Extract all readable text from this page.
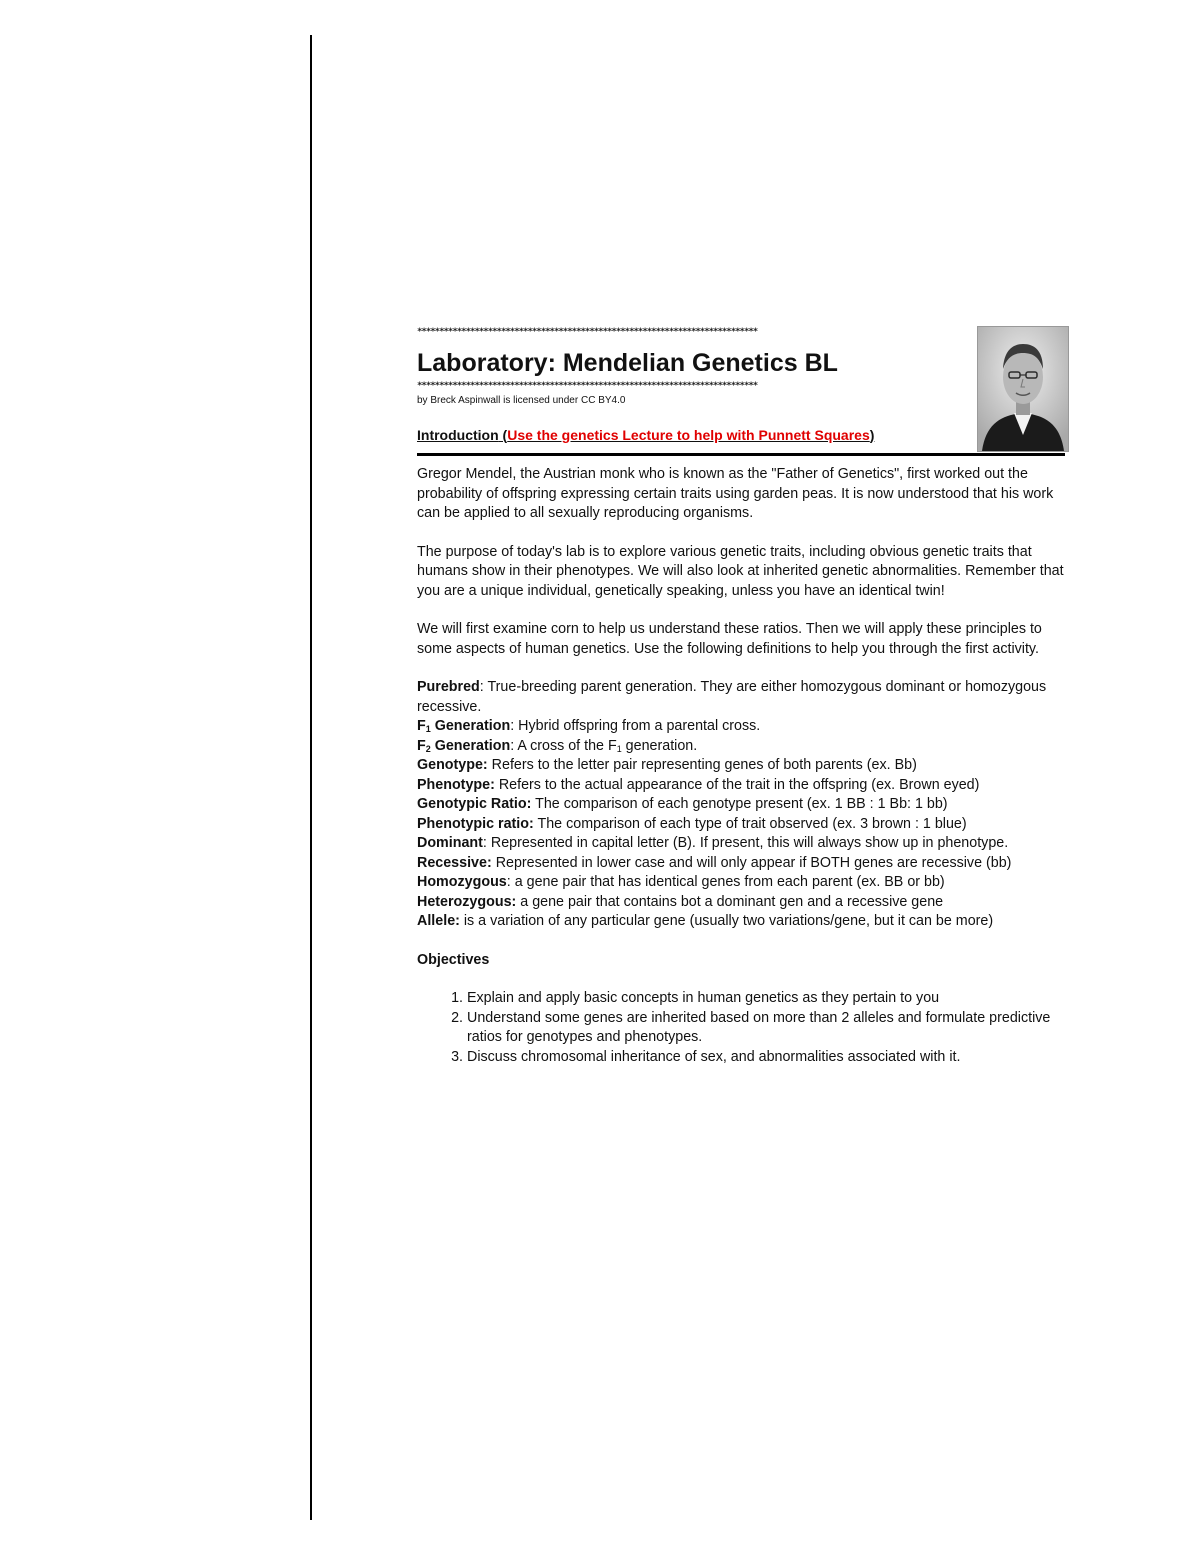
*****************************************************************************
Laboratory: Mendelian Genetics BL
*****************************************************************************
by Breck Aspinwall is licensed under CC BY4.0
Introduction (Use the genetics Lecture to help with Punnett Squares)

Gregor Mendel, the Austrian monk who is known as the "Father of Genetics", first worked out the probability of offspring expressing certain traits using garden peas. It is now understood that his work can be applied to all sexually reproducing organisms.

The purpose of today's lab is to explore various genetic traits, including obvious genetic traits that humans show in their phenotypes. We will also look at inherited genetic abnormalities. Remember that you are a unique individual, genetically speaking, unless you have an identical twin!

We will first examine corn to help us understand these ratios. Then we will apply these principles to some aspects of human genetics. Use the following definitions to help you through the first activity.

Purebred: True-breeding parent generation. They are either homozygous dominant or homozygous recessive.
$F_1$ Generation: Hybrid offspring from a parental cross.
$F_2$ Generation: A cross of the $F_1$ generation.
Genotype: Refers to the letter pair representing genes of both parents (ex. Bb)
Phenotype: Refers to the actual appearance of the trait in the offspring (ex. Brown eyed)
Genotypic Ratio: The comparison of each genotype present (ex. 1 BB : 1 Bb: 1 bb)
Phenotypic ratio: The comparison of each type of trait observed (ex. 3 brown : 1 blue)
Dominant: Represented in capital letter (B). If present, this will always show up in phenotype.
Recessive: Represented in lower case and will only appear if BOTH genes are recessive (bb)
Homozygous: a gene pair that has identical genes from each parent (ex. BB or bb)
Heterozygous: a gene pair that contains bot a dominant gen and a recessive gene
Allele: is a variation of any particular gene (usually two variations/gene, but it can be more)
Objectives
1. Explain and apply basic concepts in human genetics as they pertain to you
2. Understand some genes are inherited based on more than 2 alleles and formulate predictive ratios for genotypes and phenotypes.
3. Discuss chromosomal inheritance of sex, and abnormalities associated with it.
